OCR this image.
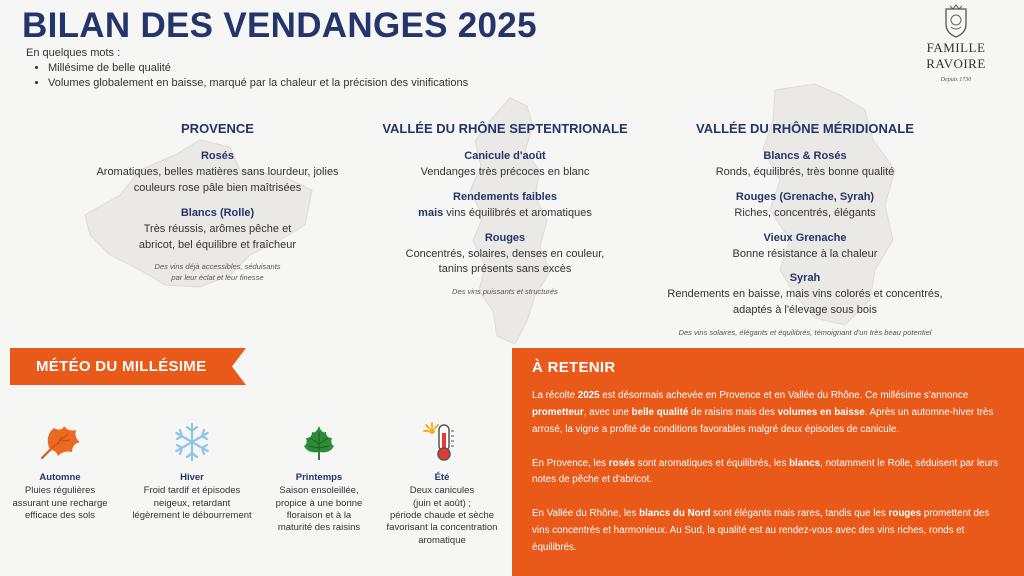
BILAN DES VENDANGES 2025
En quelques mots :
• Millésime de belle qualité
• Volumes globalement en baisse, marqué par la chaleur et la précision des vinifications
FAMILLE RAVOIRE
Depuis 1730
PROVENCE
Rosés
Aromatiques, belles matières sans lourdeur, jolies couleurs rose pâle bien maîtrisées
Blancs (Rolle)
Très réussis, arômes pêche et abricot, bel équilibre et fraîcheur
Des vins déjà accessibles, séduisants par leur éclat et leur finesse
VALLÉE DU RHÔNE SEPTENTRIONALE
Canicule d'août
Vendanges très précoces en blanc
Rendements faibles
mais vins équilibrés et aromatiques
Rouges
Concentrés, solaires, denses en couleur, tanins présents sans excès
Des vins puissants et structurés
VALLÉE DU RHÔNE MÉRIDIONALE
Blancs & Rosés
Ronds, équilibrés, très bonne qualité
Rouges (Grenache, Syrah)
Riches, concentrés, élégants
Vieux Grenache
Bonne résistance à la chaleur
Syrah
Rendements en baisse, mais vins colorés et concentrés, adaptés à l'élevage sous bois
Des vins solaires, élégants et équilibrés, témoignant d'un très beau potentiel
MÉTÉO DU MILLÉSIME
Automne
Pluies régulières
assurant une recharge
efficace des sols
Hiver
Froid tardif et épisodes
neigeux, retardant
légèrement le débourrement
Printemps
Saison ensoleillée,
propice à une bonne
floraison et à la
maturité des raisins
Été
Deux canicules
(juin et août) ;
période chaude et sèche
favorisant la concentration
aromatique
À RETENIR

La récolte 2025 est désormais achevée en Provence et en Vallée du Rhône. Ce millésime s'annonce prometteur, avec une belle qualité de raisins mais des volumes en baisse. Après un automne-hiver très arrosé, la vigne a profité de conditions favorables malgré deux épisodes de canicule.

En Provence, les rosés sont aromatiques et équilibrés, les blancs, notamment le Rolle, séduisent par leurs notes de pêche et d'abricot.

En Vallée du Rhône, les blancs du Nord sont élégants mais rares, tandis que les rouges promettent des vins concentrés et harmonieux. Au Sud, la qualité est au rendez-vous avec des vins riches, ronds et équilibrés.
